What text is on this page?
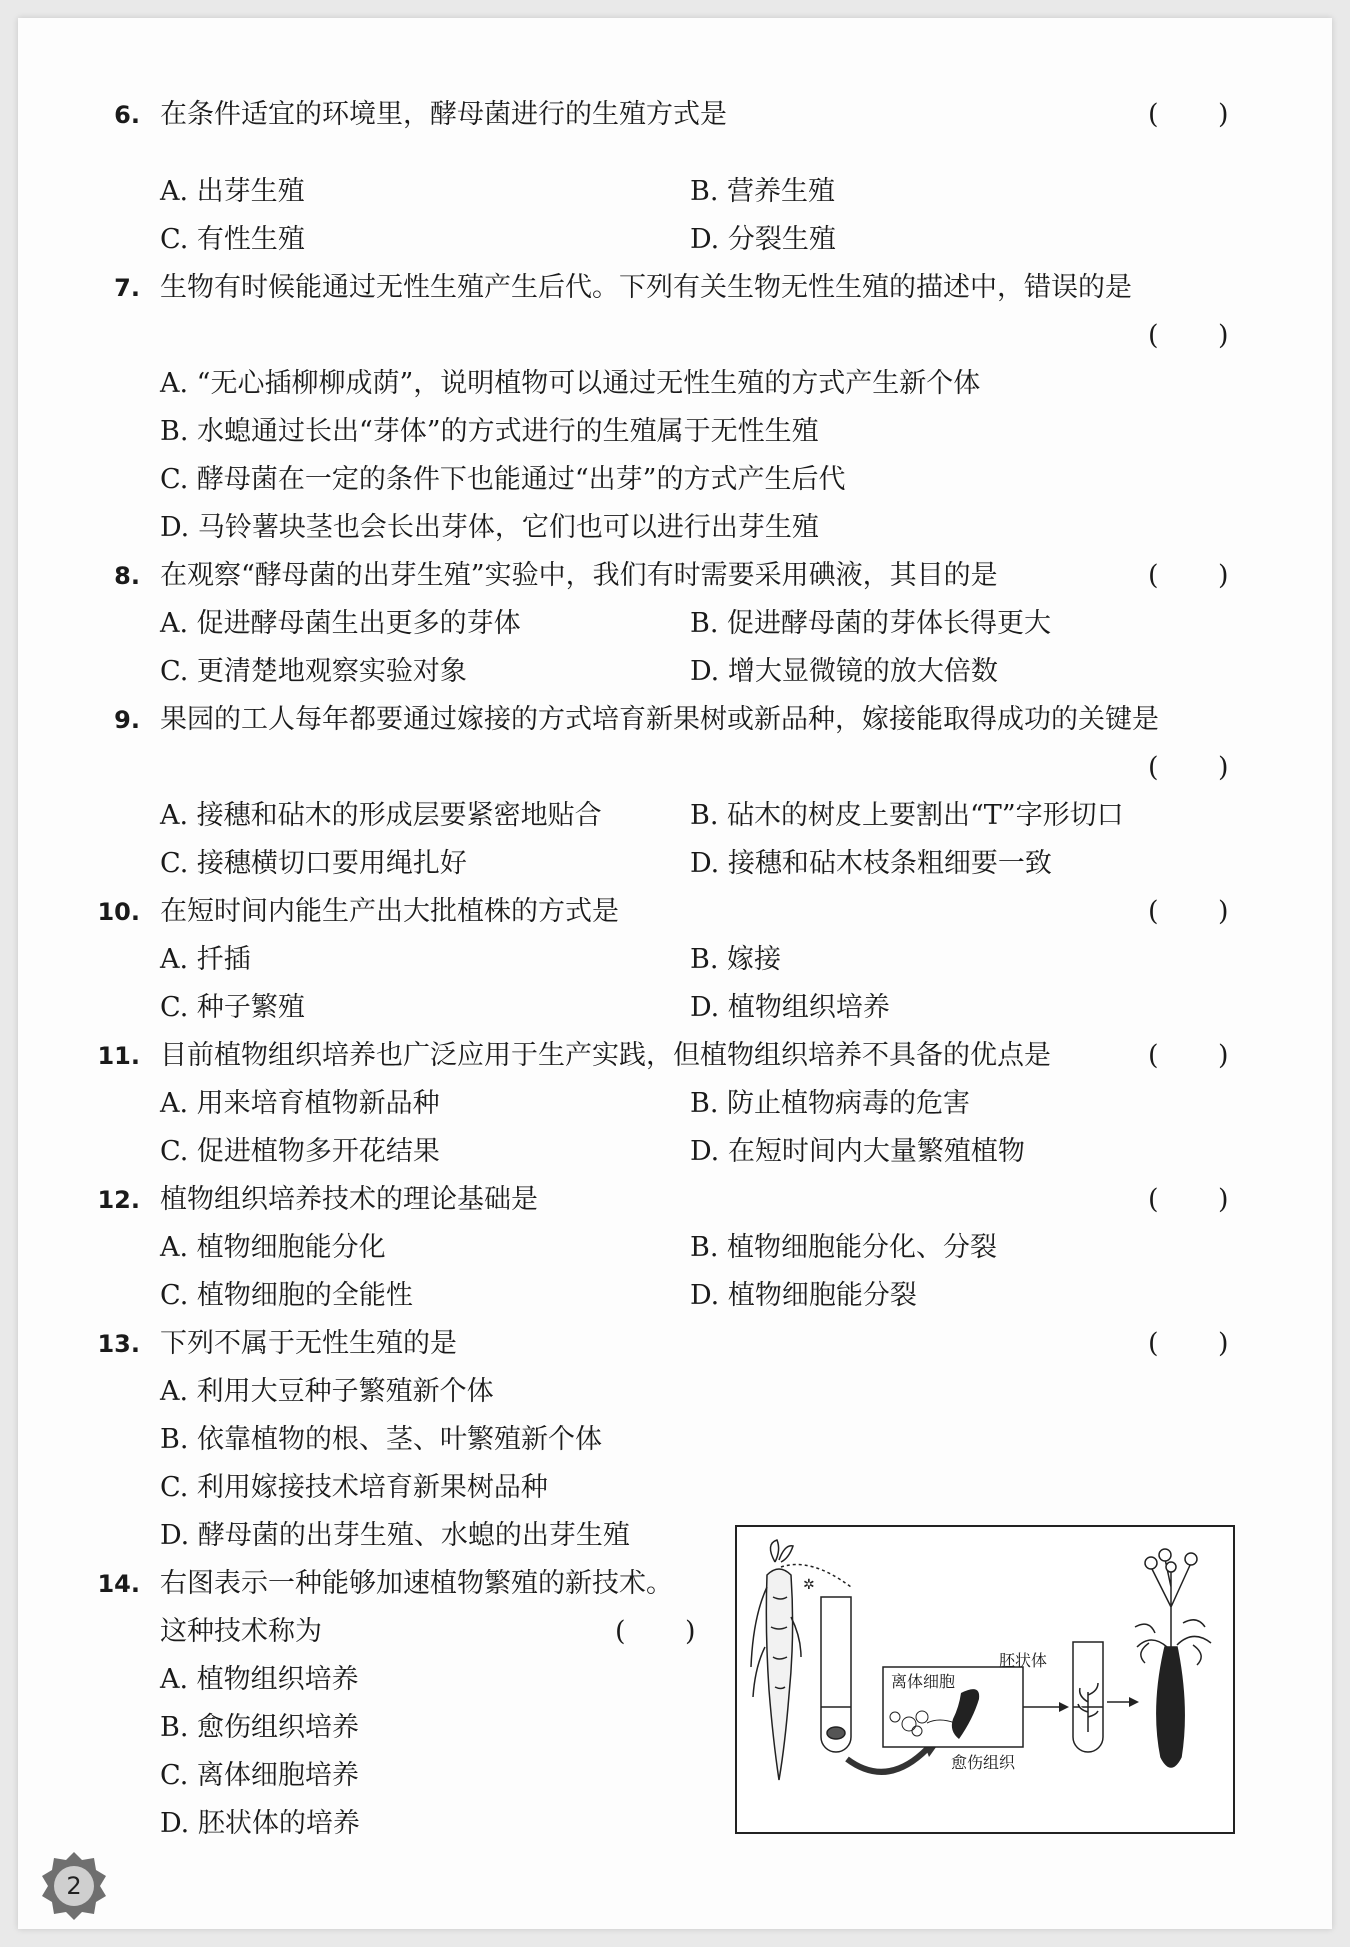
6. 在条件适宜的环境里，酵母菌进行的生殖方式是	( )
A. 出芽生殖	B. 营养生殖
C. 有性生殖	D. 分裂生殖
7. 生物有时候能通过无性生殖产生后代。下列有关生物无性生殖的描述中，错误的是
( )
A. “无心插柳柳成荫”，说明植物可以通过无性生殖的方式产生新个体
B. 水螅通过长出“芽体”的方式进行的生殖属于无性生殖
C. 酵母菌在一定的条件下也能通过“出芽”的方式产生后代
D. 马铃薯块茎也会长出芽体，它们也可以进行出芽生殖
8. 在观察“酵母菌的出芽生殖”实验中，我们有时需要采用碘液，其目的是	( )
A. 促进酵母菌生出更多的芽体	B. 促进酵母菌的芽体长得更大
C. 更清楚地观察实验对象	D. 增大显微镜的放大倍数
9. 果园的工人每年都要通过嫁接的方式培育新果树或新品种，嫁接能取得成功的关键是
( )
A. 接穗和砧木的形成层要紧密地贴合	B. 砧木的树皮上要割出“T”字形切口
C. 接穗横切口要用绳扎好	D. 接穗和砧木枝条粗细要一致
10. 在短时间内能生产出大批植株的方式是	( )
A. 扦插	B. 嫁接
C. 种子繁殖	D. 植物组织培养
11. 目前植物组织培养也广泛应用于生产实践，但植物组织培养不具备的优点是	( )
A. 用来培育植物新品种	B. 防止植物病毒的危害
C. 促进植物多开花结果	D. 在短时间内大量繁殖植物
12. 植物组织培养技术的理论基础是	( )
A. 植物细胞能分化	B. 植物细胞能分化、分裂
C. 植物细胞的全能性	D. 植物细胞能分裂
13. 下列不属于无性生殖的是	( )
A. 利用大豆种子繁殖新个体
B. 依靠植物的根、茎、叶繁殖新个体
C. 利用嫁接技术培育新果树品种
D. 酵母菌的出芽生殖、水螅的出芽生殖
14. 右图表示一种能够加速植物繁殖的新技术。
这种技术称为	( )
A. 植物组织培养
B. 愈伤组织培养
C. 离体细胞培养
D. 胚状体的培养
✲
胚状体
离体细胞
愈伤组织
2
